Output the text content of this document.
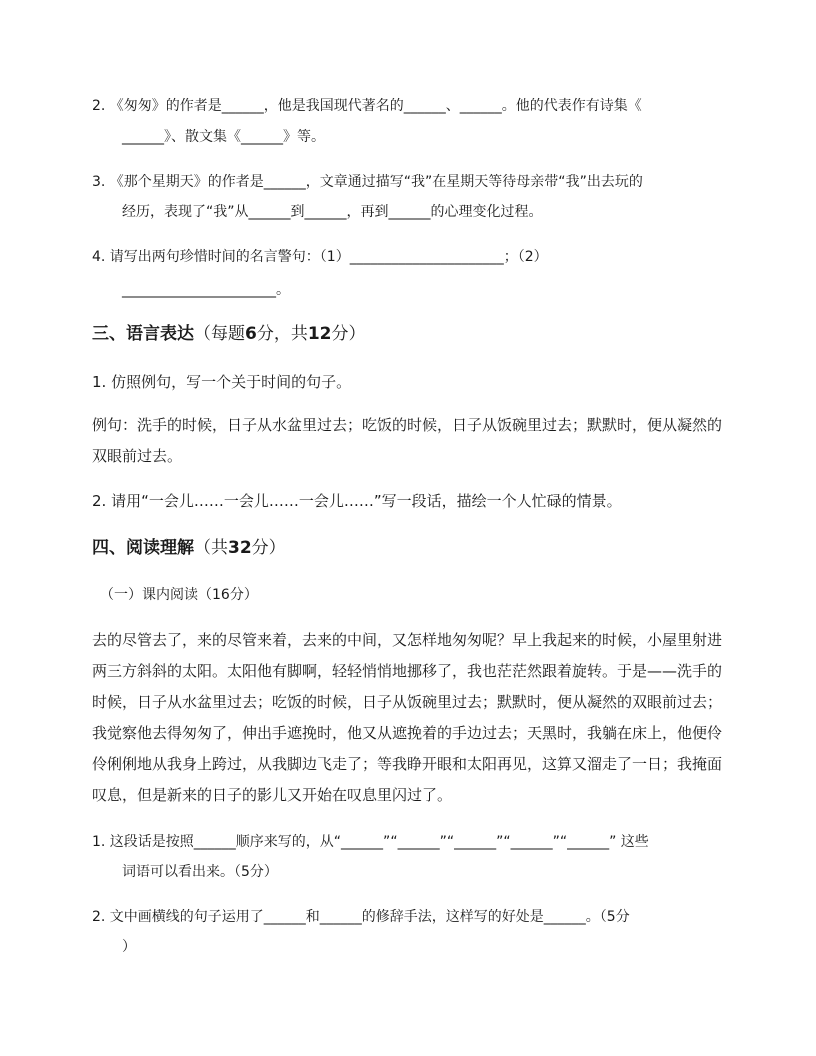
2. 《匆匆》的作者是______，他是我国现代著名的______、______。他的代表作有诗集《
______》、散文集《______》等。
3. 《那个星期天》的作者是______，文章通过描写“我”在星期天等待母亲带“我”出去玩的
经历，表现了“我”从______到______，再到______的心理变化过程。
4. 请写出两句珍惜时间的名言警句：（1）______________________；（2）
______________________。
三、语言表达（每题6分，共12分）
1. 仿照例句，写一个关于时间的句子。
例句：洗手的时候，日子从水盆里过去；吃饭的时候，日子从饭碗里过去；默默时，便从凝然的双眼前过去。
2. 请用“一会儿……一会儿……一会儿……”写一段话，描绘一个人忙碌的情景。
四、阅读理解（共32分）
（一）课内阅读（16分）
去的尽管去了，来的尽管来着，去来的中间，又怎样地匆匆呢？早上我起来的时候，小屋里射进两三方斜斜的太阳。太阳他有脚啊，轻轻悄悄地挪移了，我也茫茫然跟着旋转。于是——洗手的时候，日子从水盆里过去；吃饭的时候，日子从饭碗里过去；默默时，便从凝然的双眼前过去；我觉察他去得匆匆了，伸出手遮挽时，他又从遮挽着的手边过去；天黑时，我躺在床上，他便伶伶俐俐地从我身上跨过，从我脚边飞走了；等我睁开眼和太阳再见，这算又溜走了一日；我掩面叹息，但是新来的日子的影儿又开始在叹息里闪过了。
1. 这段话是按照______顺序来写的，从“______”“______”“______”“______”“______” 这些
词语可以看出来。（5分）
2. 文中画横线的句子运用了______和______的修辞手法，这样写的好处是______。（5分
）
